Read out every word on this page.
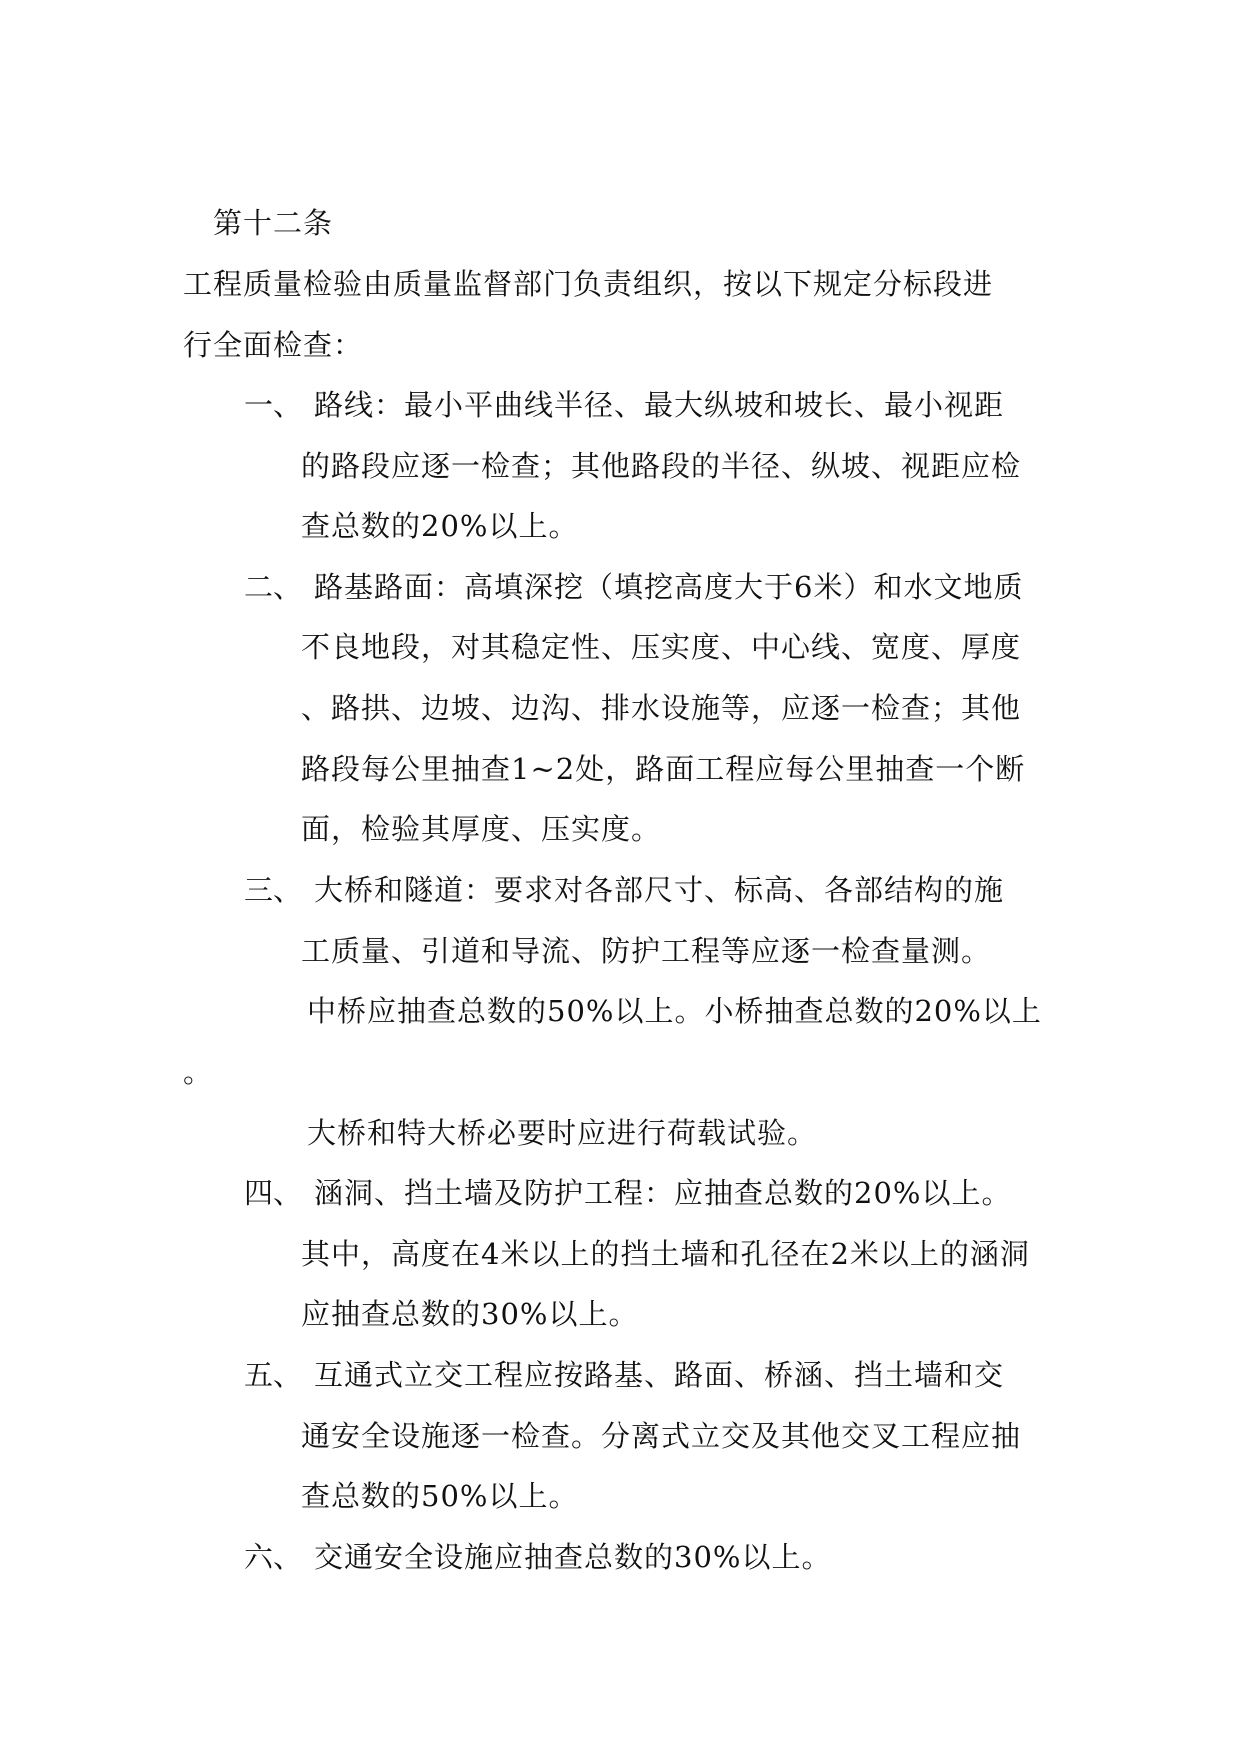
第十二条
工程质量检验由质量监督部门负责组织，按以下规定分标段进
行全面检查：
一、 路线：最小平曲线半径、最大纵坡和坡长、最小视距
的路段应逐一检查；其他路段的半径、纵坡、视距应检
查总数的20%以上。
二、 路基路面：高填深挖（填挖高度大于6米）和水文地质
不良地段，对其稳定性、压实度、中心线、宽度、厚度
、路拱、边坡、边沟、排水设施等，应逐一检查；其他
路段每公里抽查1~2处，路面工程应每公里抽查一个断
面，检验其厚度、压实度。
三、 大桥和隧道：要求对各部尺寸、标高、各部结构的施
工质量、引道和导流、防护工程等应逐一检查量测。
中桥应抽查总数的50%以上。小桥抽查总数的20%以上
。
大桥和特大桥必要时应进行荷载试验。
四、 涵洞、挡土墙及防护工程：应抽查总数的20%以上。
其中，高度在4米以上的挡土墙和孔径在2米以上的涵洞
应抽查总数的30%以上。
五、 互通式立交工程应按路基、路面、桥涵、挡土墙和交
通安全设施逐一检查。分离式立交及其他交叉工程应抽
查总数的50%以上。
六、 交通安全设施应抽查总数的30%以上。
